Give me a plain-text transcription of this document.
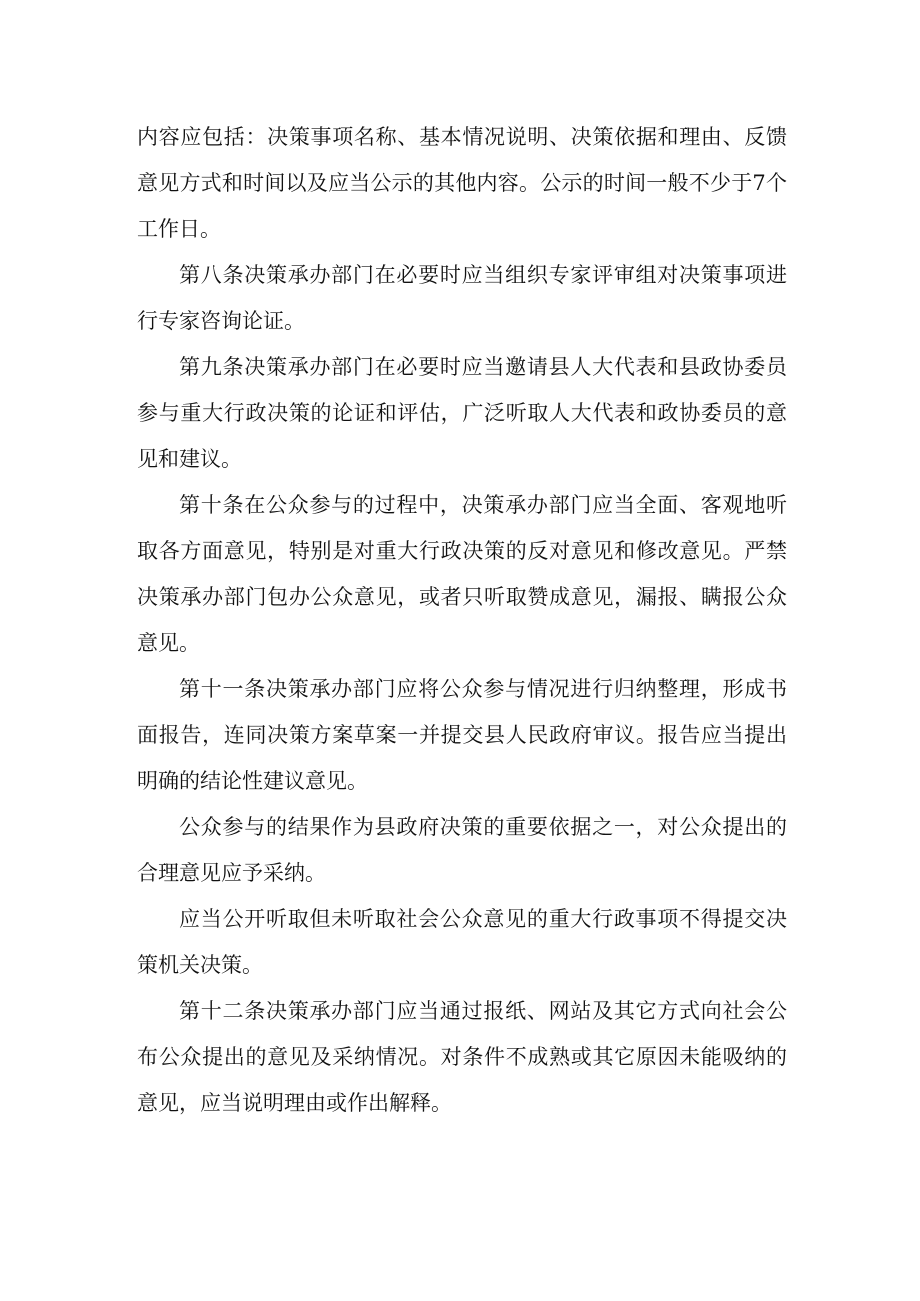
内容应包括：决策事项名称、基本情况说明、决策依据和理由、反馈意见方式和时间以及应当公示的其他内容。公示的时间一般不少于7个工作日。

第八条决策承办部门在必要时应当组织专家评审组对决策事项进行专家咨询论证。

第九条决策承办部门在必要时应当邀请县人大代表和县政协委员参与重大行政决策的论证和评估，广泛听取人大代表和政协委员的意见和建议。

第十条在公众参与的过程中，决策承办部门应当全面、客观地听取各方面意见，特别是对重大行政决策的反对意见和修改意见。严禁决策承办部门包办公众意见，或者只听取赞成意见，漏报、瞒报公众意见。

第十一条决策承办部门应将公众参与情况进行归纳整理，形成书面报告，连同决策方案草案一并提交县人民政府审议。报告应当提出明确的结论性建议意见。

公众参与的结果作为县政府决策的重要依据之一，对公众提出的合理意见应予采纳。

应当公开听取但未听取社会公众意见的重大行政事项不得提交决策机关决策。

第十二条决策承办部门应当通过报纸、网站及其它方式向社会公布公众提出的意见及采纳情况。对条件不成熟或其它原因未能吸纳的意见，应当说明理由或作出解释。
